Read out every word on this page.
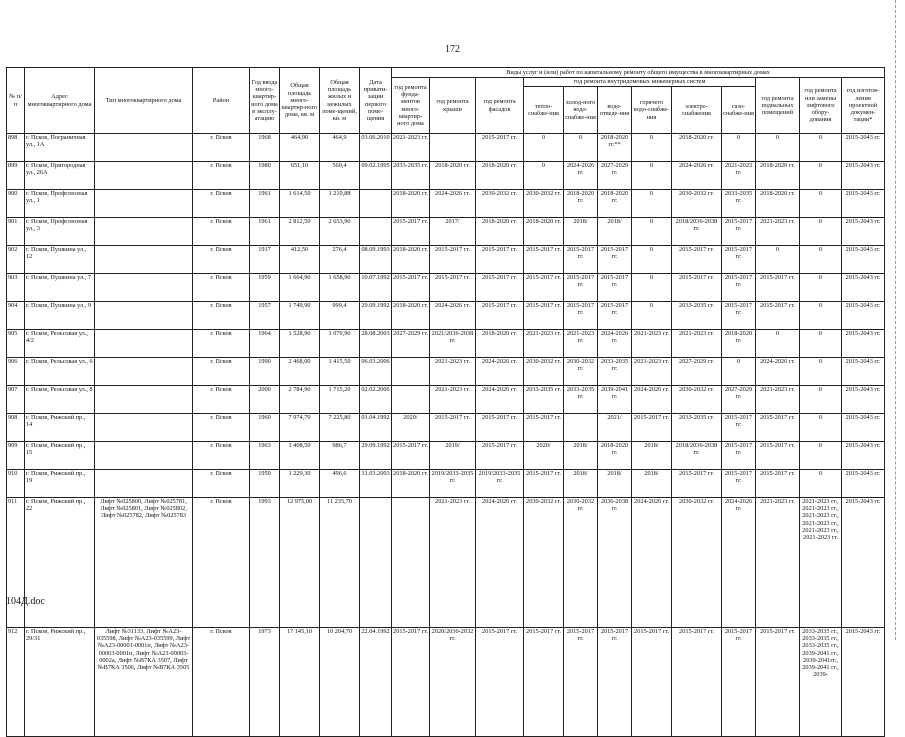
172
№ п/п	Адрес многоквартирного дома	Тип многоквартирного дома	Район	Год ввода много-квартир-ного дома в эксплу-атацию	Общая площадь много-квартир-ного дома, кв. м	Общая площадь жилых и нежилых поме-щений, кв. м	Дата привати-зации первого поме-щения	Виды услуг и (или) работ по капитальному ремонту общего имущества в многоквартирных домах											
								год ремонта фунда-ментов много-квартир-ного дома	год ремонта крыши	год ремонта фасадов	год ремонта внутридомовых инженерных систем						год ремонта подвальных помещений	год ремонта или замены лифтового обору-дования	год изготов-ления проектной докумен-тации*
											тепло-снабже-ния	холод-ного водо-снабже-ния	водо-отведе-ния	горячего водо-снабже-ния	электро-снабжения	газо-снабже-ния			
898	г. Псков, Пограничная ул., 1А		г. Псков	1968	464,90	464,9	03.06.2010	2021-2023 гг.		2015-2017 гг.	0	0	2018-2020 гг.**	0	2018-2020 гг.	0	0	0	2015-2043 гг.
899	г. Псков, Пригородная ул., 26А		г. Псков	1980	651,10	560,4	09.02.1995	2033-2035 гг.	2018-2020 гг.	2018-2020 гг.	0	2024-2026 гг.	2027-2029 гг.	0	2024-2026 гг.	2021-2023 гг.	2018-2020 гг.	0	2015-2043 гг.
900	г. Псков, Профсоюзная ул., 1		г. Псков	1961	1 614,50	1 210,88		2018-2020 гг.	2024-2026 гг.	2030-2032 гг.	2030-2032 гг.	2018-2020 гг.	2018-2020 гг.	0	2030-2032 гг.	2033-2035 гг.	2018-2020 гг.	0	2015-2043 гг.
901	г. Псков, Профсоюзная ул., 3		г. Псков	1961	2 812,50	2 653,90		2015-2017 гг.	2017/	2018-2020 гг.	2018-2020 гг.	2018/	2018/	0	2018/2036-2038 гг.	2015-2017 гг.	2021-2023 гг.	0	2015-2043 гг.
902	г. Псков, Пушкина ул., 12		г. Псков	1917	412,50	276,4	08.09.1993	2018-2020 гг.	2015-2017 гг.	2015-2017 гг.	2015-2017 гг.	2015-2017 гг.	2015-2017 гг.	0	2015-2017 гг.	2015-2017 гг.	0	0	2015-2043 гг.
903	г. Псков, Пушкина ул., 7		г. Псков	1959	1 664,90	1 658,90	10.07.1992	2015-2017 гг.	2015-2017 гг.	2015-2017 гг.	2015-2017 гг.	2015-2017 гг.	2015-2017 гг.	0	2015-2017 гг.	2015-2017 гг.	2015-2017 гг.	0	2015-2043 гг.
904	г. Псков, Пушкина ул., 9		г. Псков	1957	1 749,90	999,4	29.09.1992	2018-2020 гг.	2024-2026 гг.	2015-2017 гг.	2015-2017 гг.	2015-2017 гг.	2015-2017 гг.	0	2033-2035 гг.	2015-2017 гг.	2015-2017 гг.	0	2015-2043 гг.
905	г. Псков, Рельсовая ул., 4/2		г. Псков	1964	1 528,90	1 070,90	28.08.2003	2027-2029 гг.	2021/2036-2038 гг.	2018-2020 гг.	2021-2023 гг.	2021-2023 гг.	2024-2026 гг.	2021-2023 гг.	2021-2023 гг.	2018-2020 гг.	0	0	2015-2043 гг.
906	г. Псков, Рельсовая ул., 6		г. Псков	1990	2 468,00	1 415,50	06.03.2006		2021-2023 гг.	2024-2026 гг.	2030-2032 гг.	2030-2032 гг.	2033-2035 гг.	2021-2023 гг.	2027-2029 гг.	0	2024-2026 гг.	0	2015-2043 гг.
907	г. Псков, Рельсовая ул., 8		г. Псков	2000	2 784,90	1 715,20	02.02.2006		2021-2023 гг.	2024-2026 гг.	2033-2035 гг.	2033-2035 гг.	2039-2041 гг.	2024-2026 гг.	2030-2032 гг.	2027-2029 гг.	2021-2023 гг.	0	2015-2043 гг.
908	г. Псков, Рижский пр., 14		г. Псков	1960	7 974,70	7 225,80	01.04.1992	2020/	2015-2017 гг.	2015-2017 гг.	2015-2017 гг.		2021/	2015-2017 гг.	2033-2035 гг.	2015-2017 гг.	2015-2017 гг.	0	2015-2043 гг.
909	г. Псков, Рижский пр., 15		г. Псков	1963	1 408,50	986,7	29.09.1992	2015-2017 гг.	2019/	2015-2017 гг.	2020/	2018/	2018-2020 гг.	2018/	2018/2036-2038 гг.	2015-2017 гг.	2015-2017 гг.	0	2015-2043 гг.
910	г. Псков, Рижский пр., 19		г. Псков	1959	1 229,30	496,6	31.03.2003	2018-2020 гг.	2019/2033-2035 гг.	2019/2033-2035 гг.	2015-2017 гг.	2018/	2018/	2018/	2015-2017 гг.	2015-2017 гг.	2015-2017 гг.	0	2015-2043 гг.
911	г. Псков, Рижский пр., 22	Лифт №025800, Лифт №025781, Лифт №025801, Лифт №025802, Лифт №025782, Лифт №025783	г. Псков	1993	12 975,00	11 235,70			2021-2023 гг.	2024-2026 гг.	2030-2032 гг.	2030-2032 гг.	2036-2038 гг.	2024-2026 гг.	2030-2032 гг.	2024-2026 гг.	2021-2023 гг.	2021-2023 гг., 2021-2023 гг., 2021-2023 гг., 2021-2023 гг., 2021-2023 гг., 2021-2023 гг.	2015-2043 гг.
912	г. Псков, Рижский пр., 29/31	Лифт №31133, Лифт №А23-035598, Лифт №А23-035599, Лифт №А23-00001-0001п, Лифт №А23-00003-0001п, Лифт №А23-00003-0002а, Лифт №В7КА 3507, Лифт №В7КА 3506, Лифт №В7КА 3505	г. Псков	1973	17 145,10	10 204,70	22.04.1992	2015-2017 гг.	2020/2030-2032 гг.	2015-2017 гг.	2015-2017 гг.	2015-2017 гг.	2015-2017 гг.	2015-2017 гг.	2015-2017 гг.	2015-2017 гг.	2015-2017 гг.	2033-2035 гг., 2033-2035 гг., 2033-2035 гг., 2039-2041 гг., 2039-2041гг., 2039-2041 гг., 2039-	2015-2043 гг.
104Д.doc
